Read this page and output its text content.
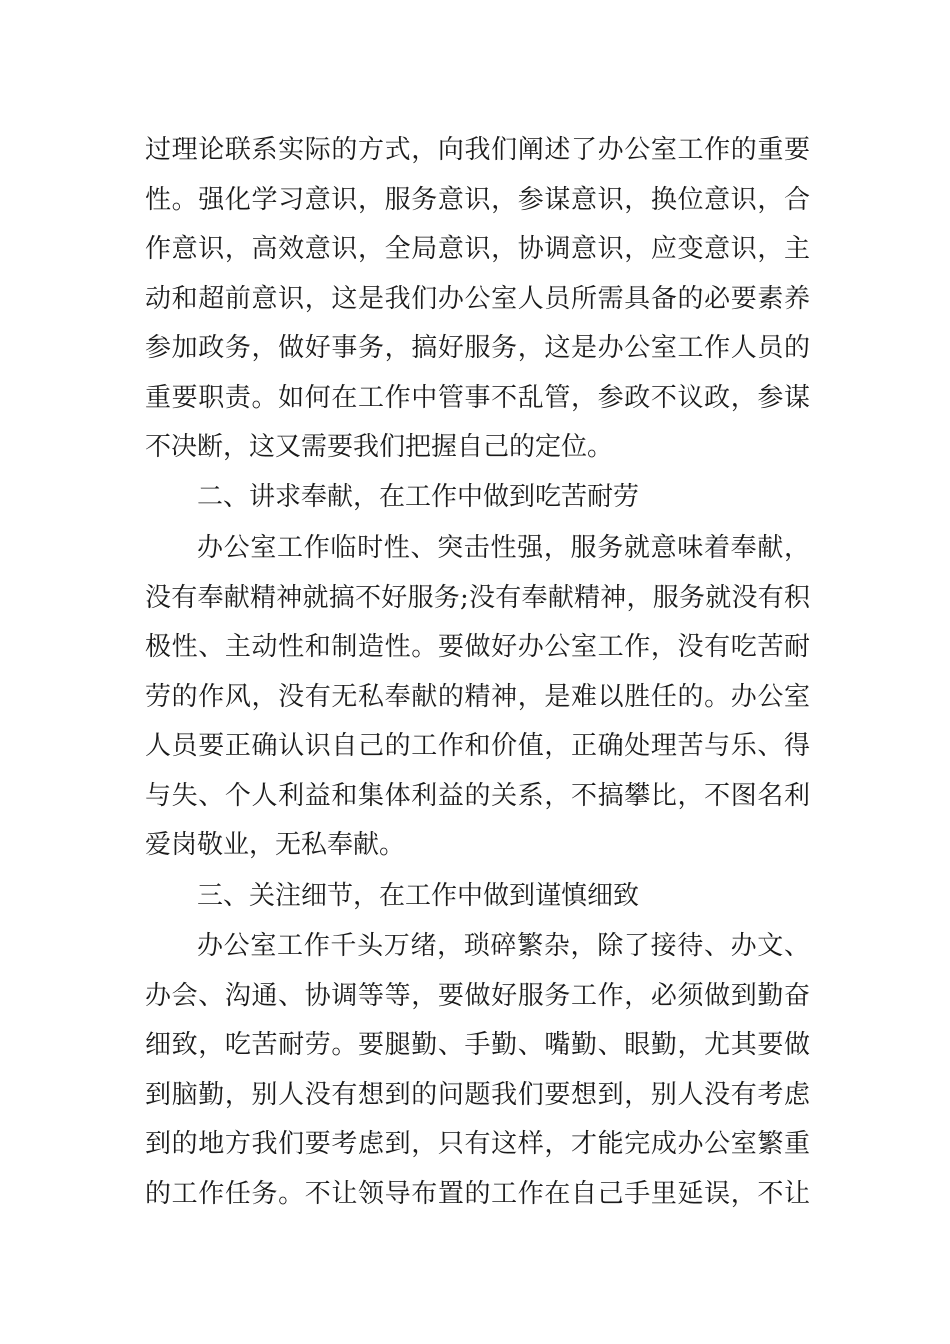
过理论联系实际的方式，向我们阐述了办公室工作的重要
性。强化学习意识，服务意识，参谋意识，换位意识，合
作意识，高效意识，全局意识，协调意识，应变意识，主
动和超前意识，这是我们办公室人员所需具备的必要素养
参加政务，做好事务，搞好服务，这是办公室工作人员的
重要职责。如何在工作中管事不乱管，参政不议政，参谋
不决断，这又需要我们把握自己的定位。
二、讲求奉献，在工作中做到吃苦耐劳
办公室工作临时性、突击性强，服务就意味着奉献，
没有奉献精神就搞不好服务;没有奉献精神，服务就没有积
极性、主动性和制造性。要做好办公室工作，没有吃苦耐
劳的作风，没有无私奉献的精神，是难以胜任的。办公室
人员要正确认识自己的工作和价值，正确处理苦与乐、得
与失、个人利益和集体利益的关系，不搞攀比，不图名利
爱岗敬业，无私奉献。
三、关注细节，在工作中做到谨慎细致
办公室工作千头万绪，琐碎繁杂，除了接待、办文、
办会、沟通、协调等等，要做好服务工作，必须做到勤奋
细致，吃苦耐劳。要腿勤、手勤、嘴勤、眼勤，尤其要做
到脑勤，别人没有想到的问题我们要想到，别人没有考虑
到的地方我们要考虑到，只有这样，才能完成办公室繁重
的工作任务。不让领导布置的工作在自己手里延误，不让
